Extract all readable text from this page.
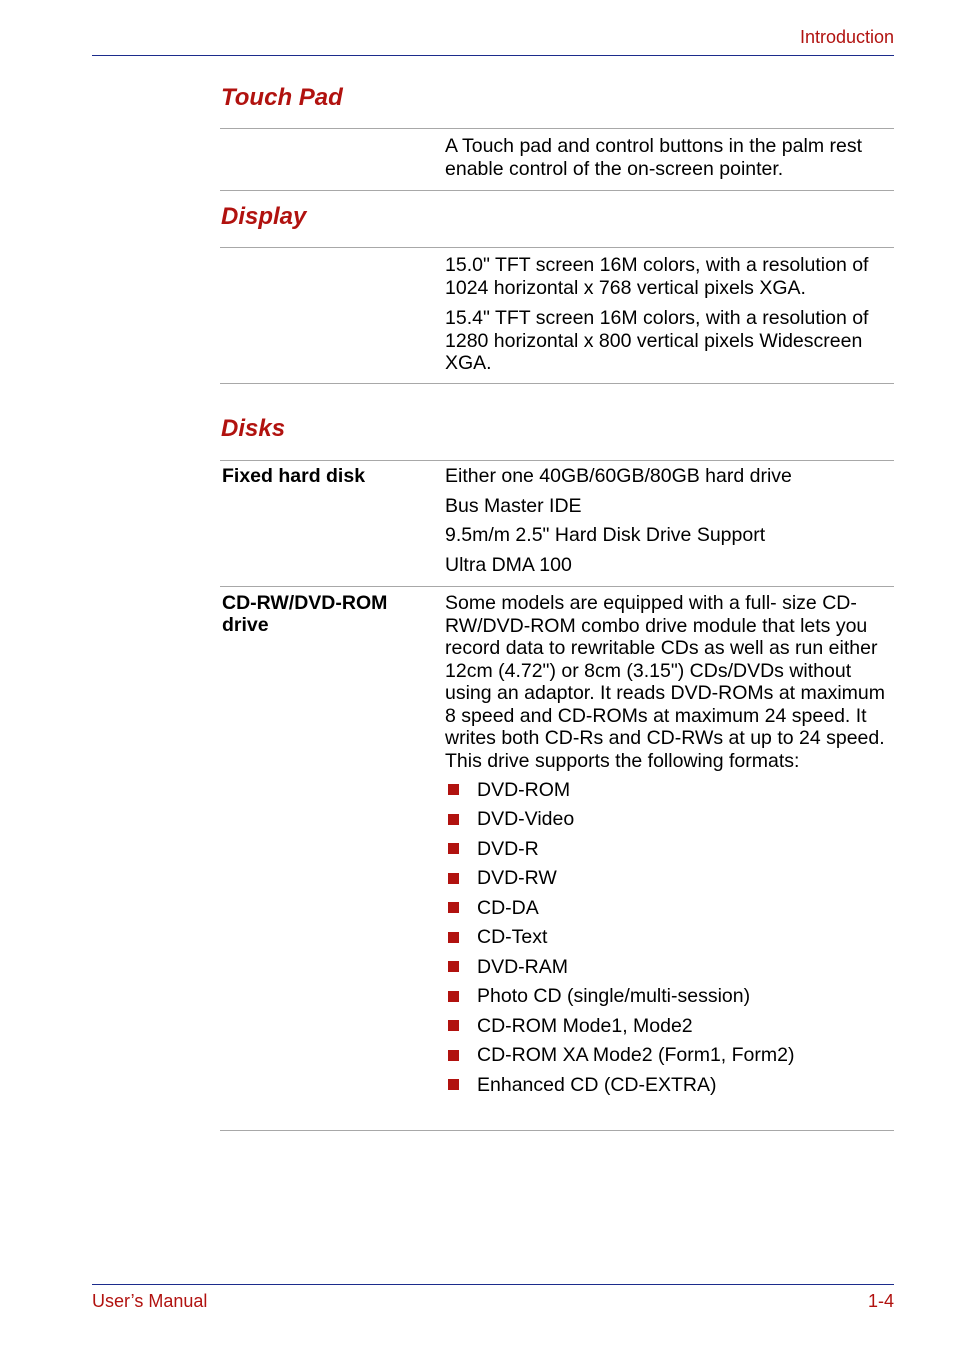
Introduction
Touch Pad

A Touch pad and control buttons in the palm rest enable control of the on-screen pointer.

Display

15.0" TFT screen 16M colors, with a resolution of 1024 horizontal x 768 vertical pixels XGA.

15.4" TFT screen 16M colors, with a resolution of 1280 horizontal x 800 vertical pixels Widescreen XGA.

Disks
Fixed hard disk	Either one 40GB/60GB/80GB hard drive
Bus Master IDE
9.5m/m 2.5" Hard Disk Drive Support
Ultra DMA 100
CD-RW/DVD-ROM drive

Some models are equipped with a full- size CD-RW/DVD-ROM combo drive module that lets you record data to rewritable CDs as well as run either 12cm (4.72") or 8cm (3.15") CDs/DVDs without using an adaptor. It reads DVD-ROMs at maximum 8 speed and CD-ROMs at maximum 24 speed. It writes both CD-Rs and CD-RWs at up to 24 speed. This drive supports the following formats:

DVD-ROM
DVD-Video
DVD-R
DVD-RW
CD-DA
CD-Text
DVD-RAM
Photo CD (single/multi-session)
CD-ROM Mode1, Mode2
CD-ROM XA Mode2 (Form1, Form2)
Enhanced CD (CD-EXTRA)
User’s Manual	1-4
